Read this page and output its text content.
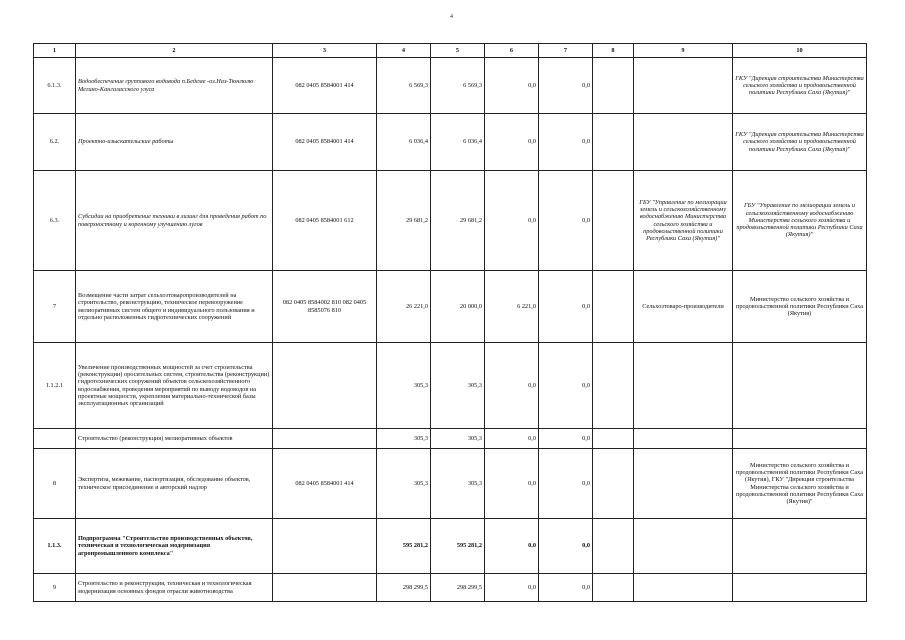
4
1	2	3	4	5	6	7	8	9	10
6.1.3.	Водообеспечение группового водовода п.Бедеме -оз.Наз-Тюнгюлю Мегино-Кангаласского улуса	082 0405 8584001 414	6 569,3	6 569,3	0,0	0,0			ГКУ "Дирекция строительства Министерства сельского хозяйства и продовольственной политики Республики Саха (Якутия)"
6.2.	Проектно-изыскательские работы	082 0405 8584001 414	6 036,4	6 036,4	0,0	0,0			ГКУ "Дирекция строительства Министерства сельского хозяйства и продовольственной политики Республики Саха (Якутия)"
6.3.	Субсидии на приобретение техники в лизинг для проведения работ по поверхностному и коренному улучшению лугов	082 0405 8584001 612	29 681,2	29 681,2	0,0	0,0		ГБУ "Управление по мелиорации земель и сельскохозяйственному водоснабжению Министерства сельского хозяйства и продовольственной политики Республики Саха (Якутия)"	ГБУ "Управление по мелиорации земель и сельскохозяйственному водоснабжению Министерства сельского хозяйства и продовольственной политики Республики Саха (Якутия)"
7	Возмещение части затрат сельхозтоваропроизводителей на строительство, реконструкцию, техническое перевооружение мелиоративных систем общего и индивидуального пользования и отдельно расположенных гидротехнических сооружений	082 0405 8584002 810 082 0405 8585076 810	26 221,0	20 000,0	6 221,0	0,0		Сельхозтоваро-производители	Министерство сельского хозяйства и продовольственной политики Республики Саха (Якутия)
1.1.2.1	Увеличение производственных мощностей за счет строительства (реконструкции) оросительных систем, строительства (реконструкции) гидротехнических сооружений объектов сельскохозяйственного водоснабжения, проведения мероприятий по выводу водоводов на проектные мощности, укрепления материально-технической базы эксплуатационных организаций		305,3	305,3	0,0	0,0			
	Строительство (реконструкция) мелиоративных объектов		305,3	305,3	0,0	0,0			
8	Экспертиза, межевание, паспортизация, обследование объектов, техническое присоединение и авторский надзор	082 0405 8584001 414	305,3	305,3	0,0	0,0			Министерство сельского хозяйства и продовольственной политики Республики Саха (Якутия), ГКУ "Дирекция строительства Министерства сельского хозяйства и продовольственной политики Республики Саха (Якутия)"
1.1.3.	Подпрограмма "Строительство производственных объектов, техническая и технологическая модернизация агропромышленного комплекса"		595 281,2	595 281,2	0,0	0,0			
9	Строительство и реконструкция, техническая и технологическая модернизация основных фондов отрасли животноводства		298 299,5	298 299,5	0,0	0,0			
